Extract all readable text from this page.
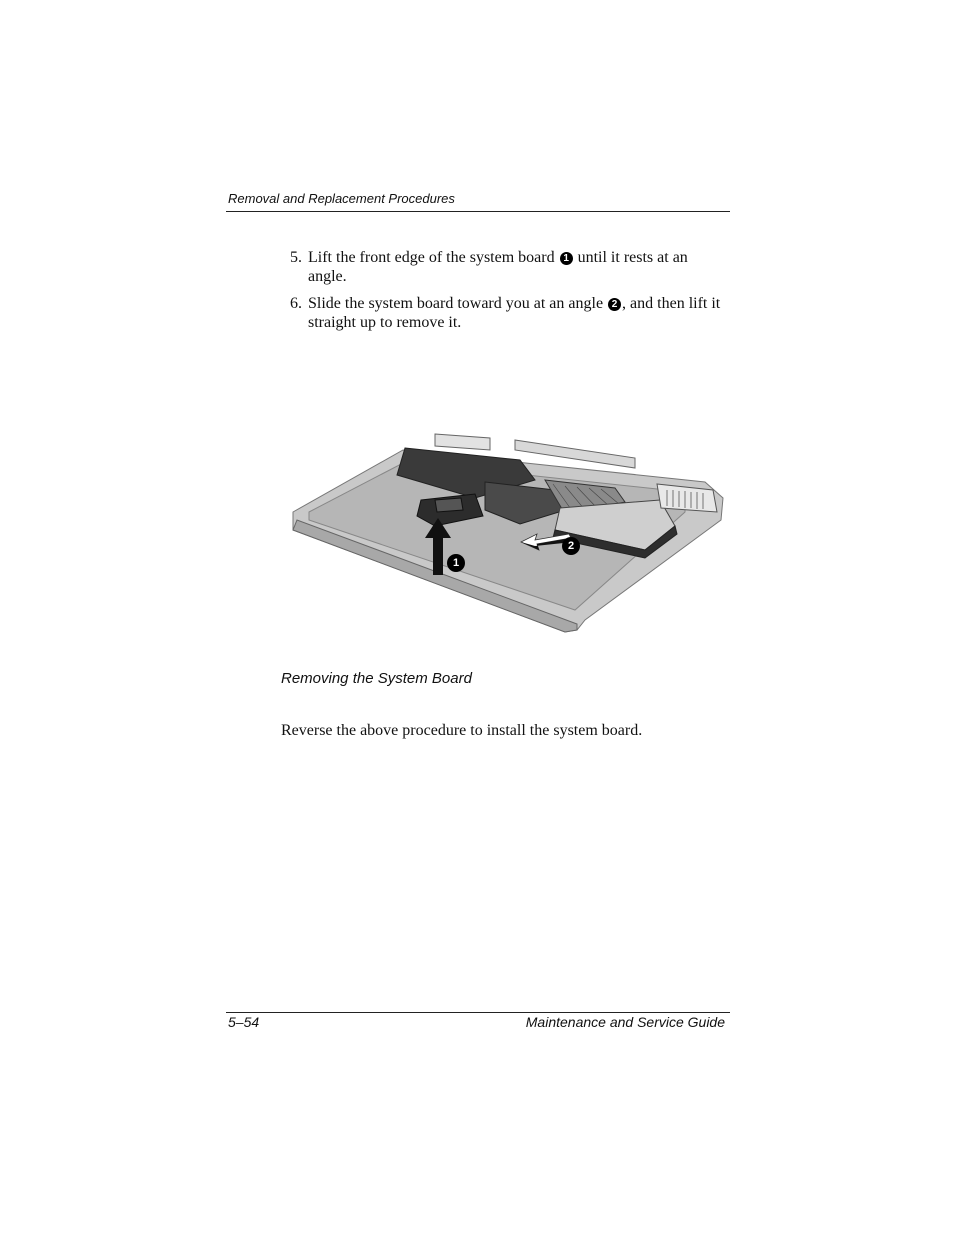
Removal and Replacement Procedures
5. Lift the front edge of the system board 1 until it rests at an angle.
6. Slide the system board toward you at an angle 2 , and then lift it straight up to remove it.
1
2
Removing the System Board
Reverse the above procedure to install the system board.
5–54	Maintenance and Service Guide
